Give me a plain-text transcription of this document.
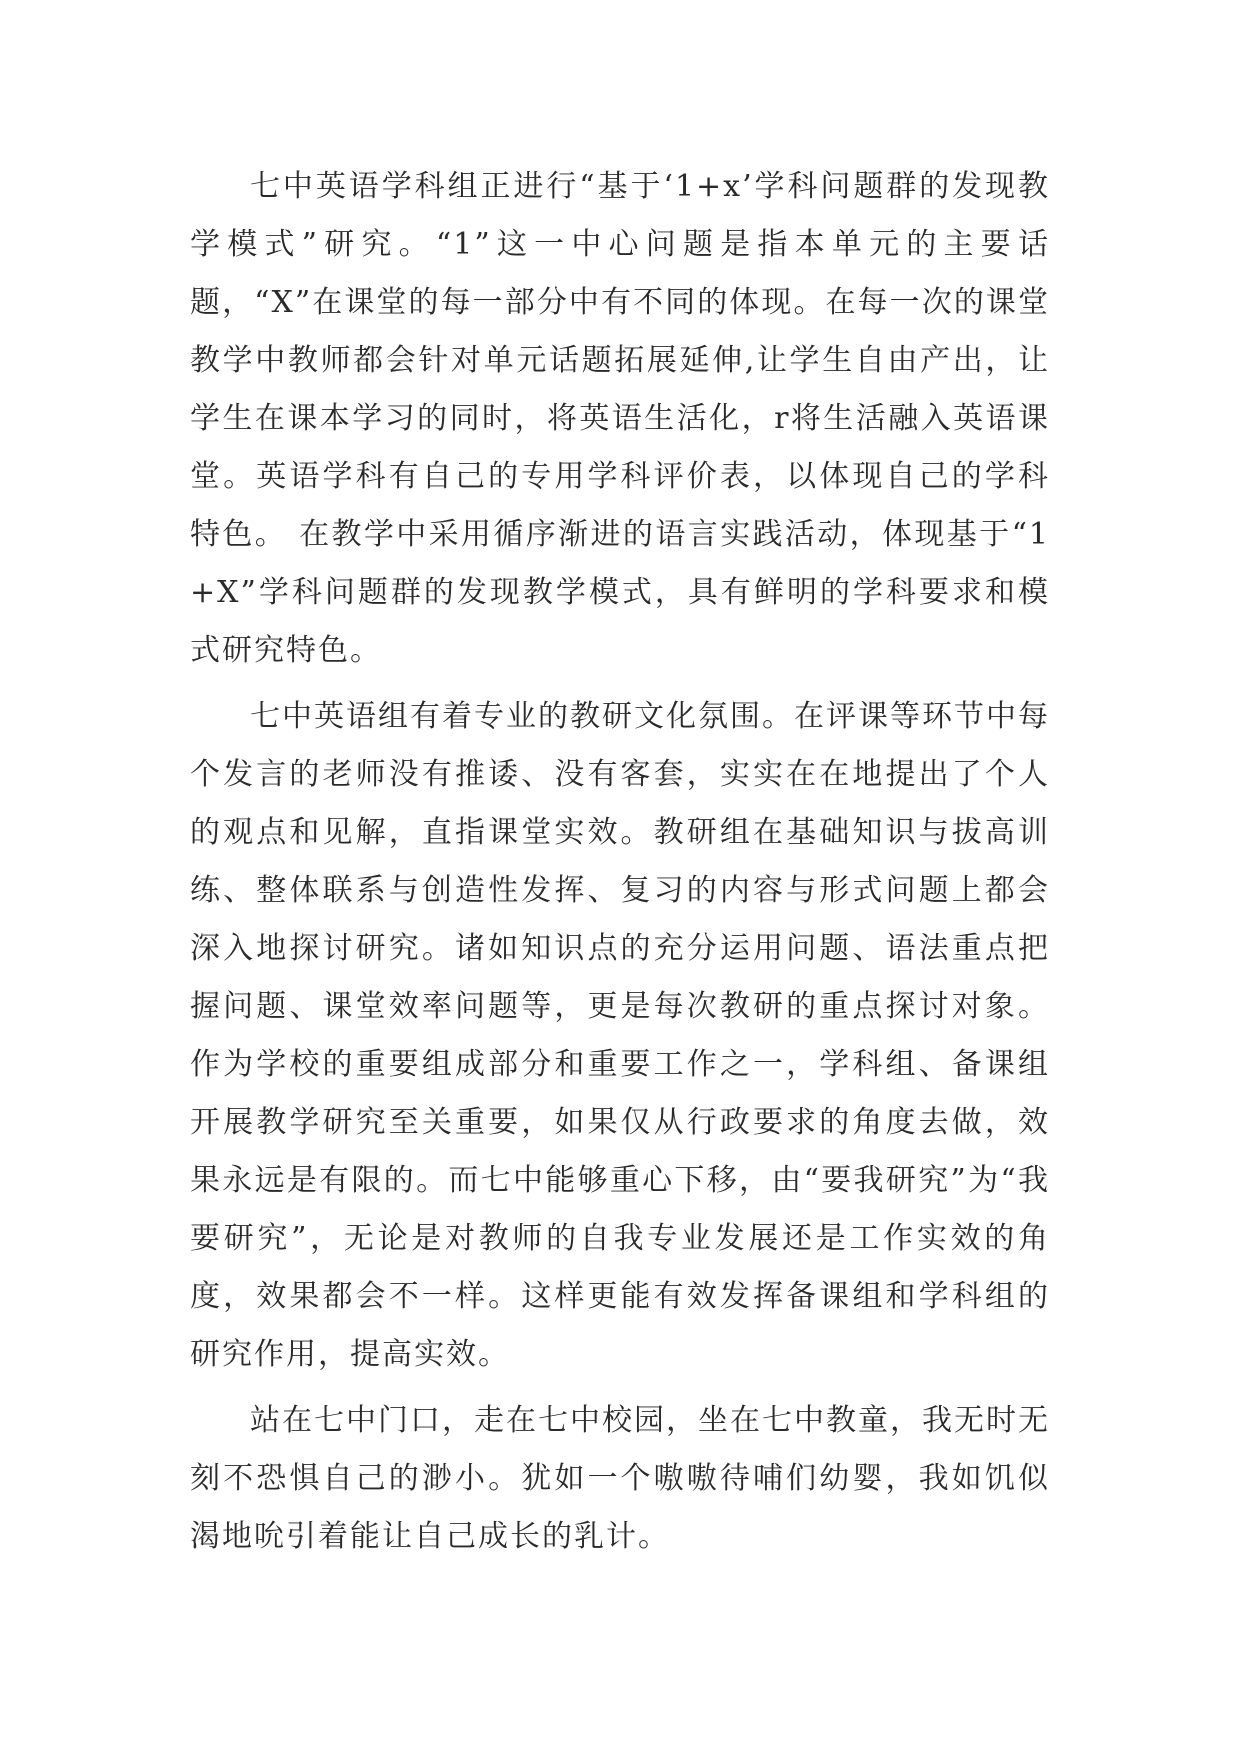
七中英语学科组正进行“基于‘1+x’学科问题群的发现教学模式”研究。“1”这一中心问题是指本单元的主要话题，“X”在课堂的每一部分中有不同的体现。在每一次的课堂教学中教师都会针对单元话题拓展延伸,让学生自由产出，让学生在课本学习的同时，将英语生活化，r将生活融入英语课堂。英语学科有自己的专用学科评价表，以体现自己的学科特色。 在教学中采用循序渐进的语言实践活动，体现基于“1+X”学科问题群的发现教学模式，具有鲜明的学科要求和模式研究特色。

七中英语组有着专业的教研文化氛围。在评课等环节中每个发言的老师没有推诿、没有客套，实实在在地提出了个人的观点和见解，直指课堂实效。教研组在基础知识与拔高训练、整体联系与创造性发挥、复习的内容与形式问题上都会深入地探讨研究。诸如知识点的充分运用问题、语法重点把握问题、课堂效率问题等，更是每次教研的重点探讨对象。作为学校的重要组成部分和重要工作之一，学科组、备课组开展教学研究至关重要，如果仅从行政要求的角度去做，效果永远是有限的。而七中能够重心下移，由“要我研究”为“我要研究”，无论是对教师的自我专业发展还是工作实效的角度，效果都会不一样。这样更能有效发挥备课组和学科组的研究作用，提高实效。

站在七中门口，走在七中校园，坐在七中教童，我无时无刻不恐惧自己的渺小。犹如一个嗷嗷待哺们幼婴，我如饥似渴地吮引着能让自己成长的乳计。
